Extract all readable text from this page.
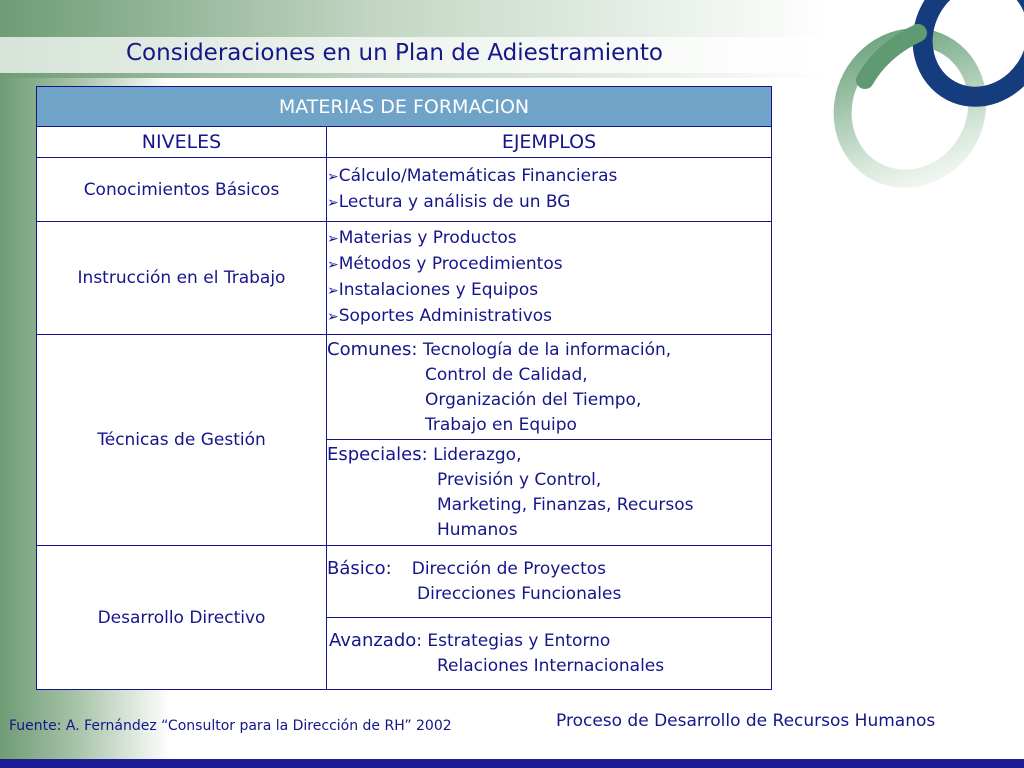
Consideraciones en un Plan de Adiestramiento
MATERIAS DE FORMACION	
NIVELES	EJEMPLOS
Conocimientos Básicos	➢Cálculo/Matemáticas Financieras
➢Lectura y análisis de un BG

Instrucción en el Trabajo	➢Materias y Productos
➢Métodos y Procedimientos
➢Instalaciones y Equipos
➢Soportes Administrativos

Técnicas de Gestión	Comunes: Tecnología de la información,
Control de Calidad,
Organización del Tiempo,
Trabajo en Equipo

	Especiales: Liderazgo,
Previsión y Control,
Marketing, Finanzas, Recursos
Humanos

Desarrollo Directivo	Básico: Dirección de Proyectos
Direcciones Funcionales

	Avanzado: Estrategias y Entorno
Relaciones Internacionales
Fuente: A. Fernández “Consultor para la Dirección de RH” 2002	Proceso de Desarrollo de Recursos Humanos
